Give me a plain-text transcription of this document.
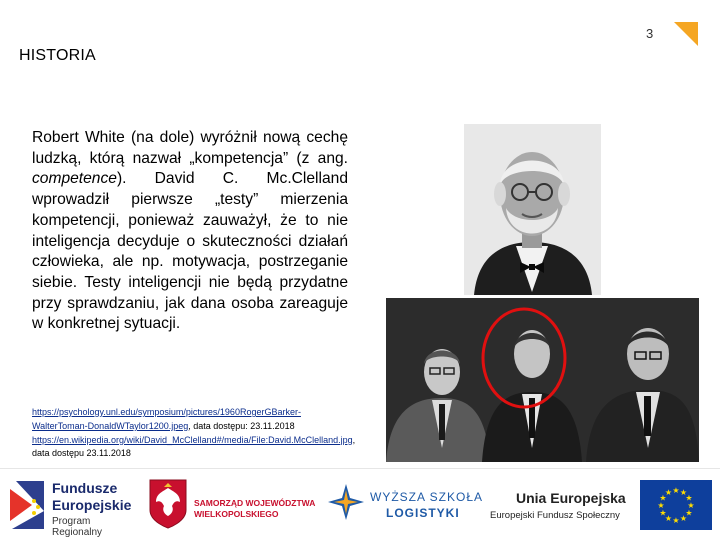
3
HISTORIA
Robert White (na dole) wyróżnił nową cechę ludzką, którą nazwał „kompetencja” (z ang. competence). David C. Mc.Clelland wprowadził pierwsze „testy” mierzenia kompetencji, ponieważ zauważył, że to nie inteligencja decyduje o skuteczności działań człowieka, ale np. motywacja, postrzeganie siebie. Testy inteligencji nie będą przydatne przy sprawdzaniu, jak dana osoba zareaguje w konkretnej sytuacji.
https://psychology.unl.edu/symposium/pictures/1960RogerGBarker-WalterToman-DonaldWTaylor1200.jpeg, data dostępu: 23.11.2018
https://en.wikipedia.org/wiki/David_McClelland#/media/File:David.McClelland.jpg, data dostępu 23.11.2018
Fundusze
Europejskie
Program Regionalny
SAMORZĄD WOJEWÓDZTWA
WIELKOPOLSKIEGO
WYŻSZA SZKOŁA
LOGISTYKI
Unia Europejska
Europejski Fundusz Społeczny
★ ★
★
★
★
★
★
★
★
★
★
★
